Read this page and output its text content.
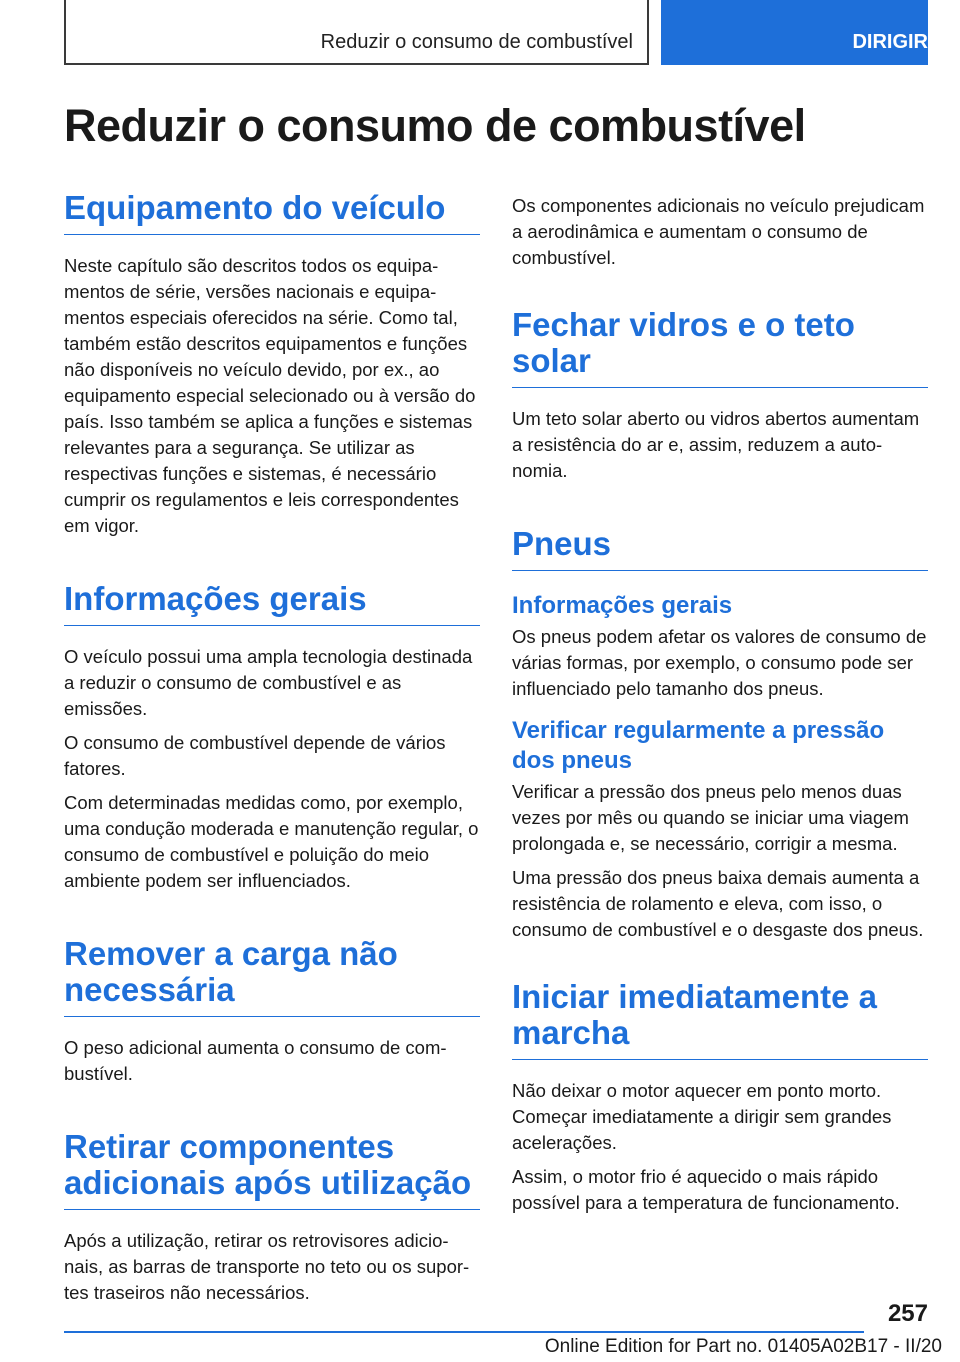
Reduzir o consumo de combustível	DIRIGIR
Reduzir o consumo de combustível
Equipamento do veículo

Neste capítulo são descritos todos os equipamentos de série, versões nacionais e equipamentos especiais oferecidos na série. Como tal, também estão descritos equipamentos e funções não disponíveis no veículo devido, por ex., ao equipamento especial selecionado ou à versão do país. Isso também se aplica a funções e sistemas relevantes para a segurança. Se utilizar as respectivas funções e sistemas, é necessário cumprir os regulamentos e leis correspondentes em vigor.

Informações gerais

O veículo possui uma ampla tecnologia destinada a reduzir o consumo de combustível e as emissões.

O consumo de combustível depende de vários fatores.

Com determinadas medidas como, por exemplo, uma condução moderada e manutenção regular, o consumo de combustível e poluição do meio ambiente podem ser influenciados.

Remover a carga não necessária

O peso adicional aumenta o consumo de combustível.

Retirar componentes adicionais após utilização

Após a utilização, retirar os retrovisores adicionais, as barras de transporte no teto ou os suportes traseiros não necessários.

Os componentes adicionais no veículo prejudicam a aerodinâmica e aumentam o consumo de combustível.

Fechar vidros e o teto solar

Um teto solar aberto ou vidros abertos aumentam a resistência do ar e, assim, reduzem a autonomia.

Pneus
Informações gerais

Os pneus podem afetar os valores de consumo de várias formas, por exemplo, o consumo pode ser influenciado pelo tamanho dos pneus.

Verificar regularmente a pressão dos pneus

Verificar a pressão dos pneus pelo menos duas vezes por mês ou quando se iniciar uma viagem prolongada e, se necessário, corrigir a mesma.

Uma pressão dos pneus baixa demais aumenta a resistência de rolamento e eleva, com isso, o consumo de combustível e o desgaste dos pneus.

Iniciar imediatamente a marcha

Não deixar o motor aquecer em ponto morto. Começar imediatamente a dirigir sem grandes acelerações.

Assim, o motor frio é aquecido o mais rápido possível para a temperatura de funcionamento.

257
Online Edition for Part no. 01405A02B17 - II/20
